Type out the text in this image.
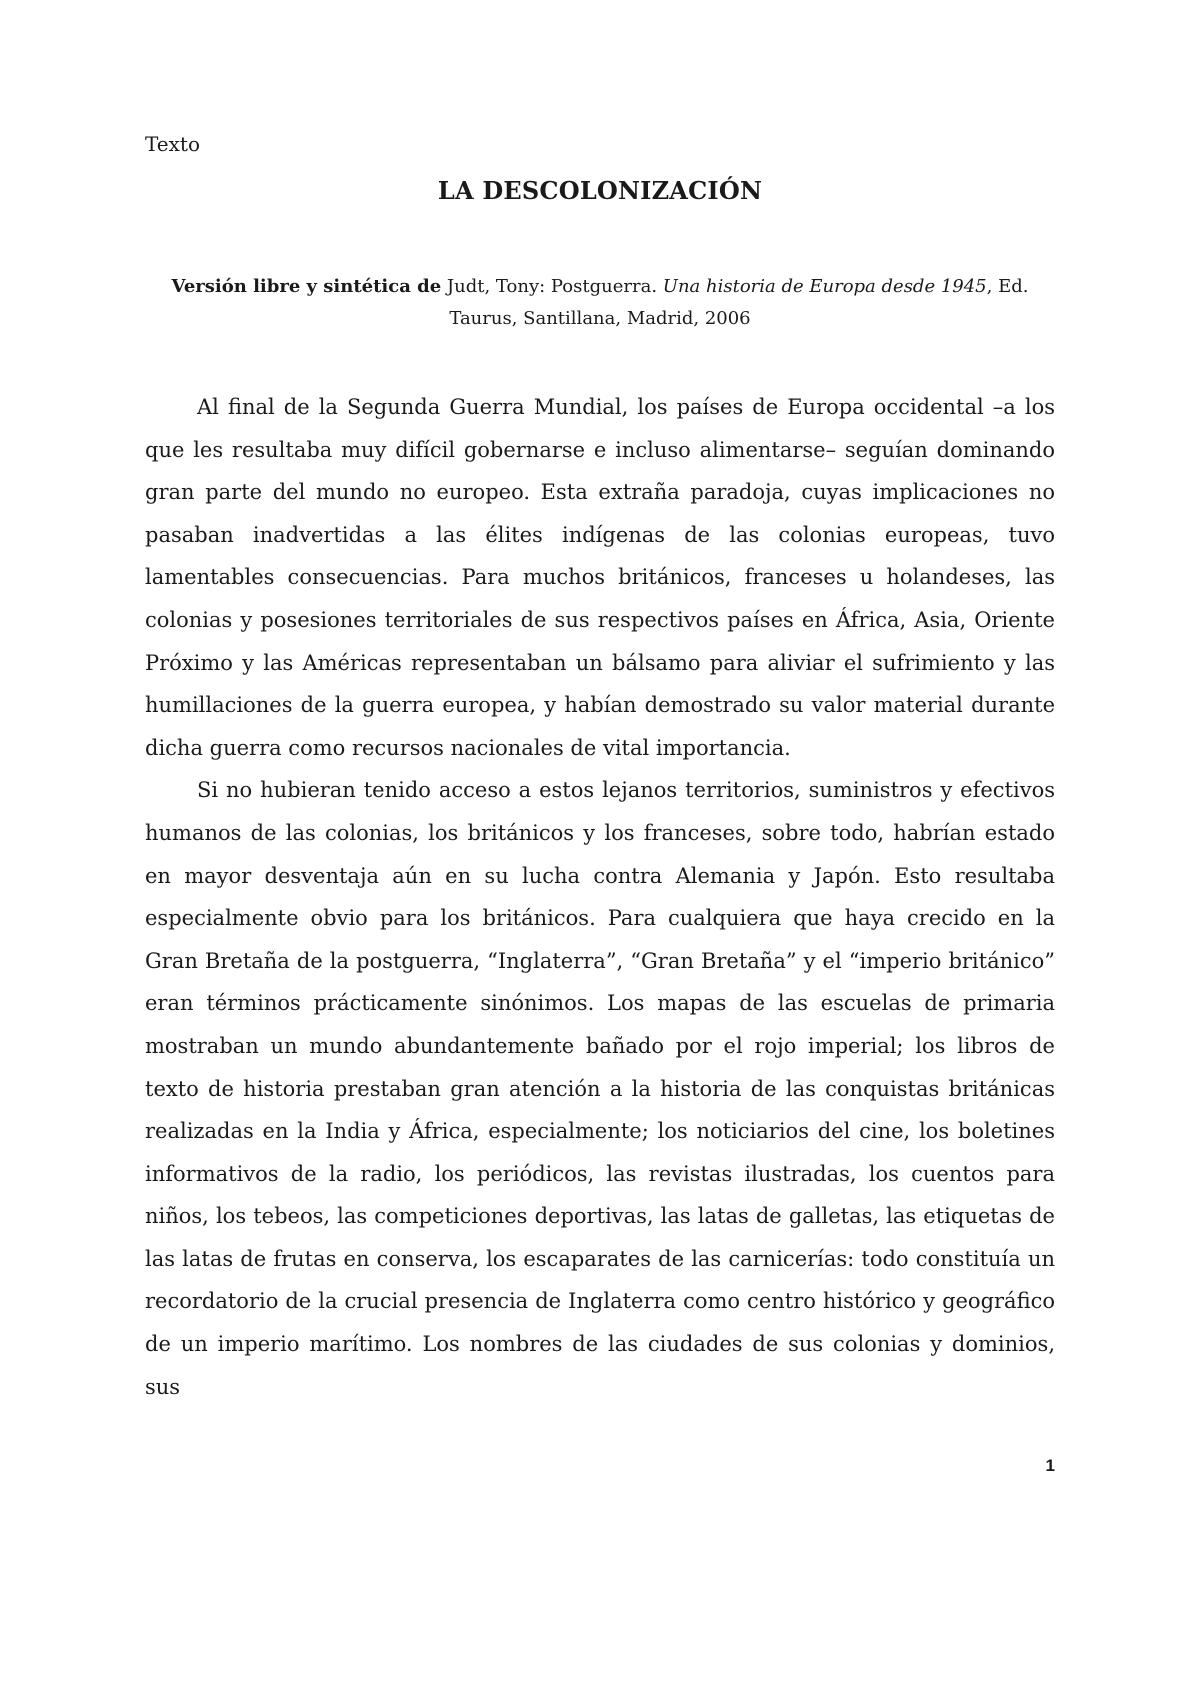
Texto
LA DESCOLONIZACIÓN
Versión libre y sintética de Judt, Tony: Postguerra. Una historia de Europa desde 1945, Ed.
Taurus, Santillana, Madrid, 2006

Al final de la Segunda Guerra Mundial, los países de Europa occidental –a los que les resultaba muy difícil gobernarse e incluso alimentarse– seguían dominando gran parte del mundo no europeo. Esta extraña paradoja, cuyas implicaciones no pasaban inadvertidas a las élites indígenas de las colonias europeas, tuvo lamentables consecuencias. Para muchos británicos, franceses u holandeses, las colonias y posesiones territoriales de sus respectivos países en África, Asia, Oriente Próximo y las Américas representaban un bálsamo para aliviar el sufrimiento y las humillaciones de la guerra europea, y habían demostrado su valor material durante dicha guerra como recursos nacionales de vital importancia.

Si no hubieran tenido acceso a estos lejanos territorios, suministros y efectivos humanos de las colonias, los británicos y los franceses, sobre todo, habrían estado en mayor desventaja aún en su lucha contra Alemania y Japón. Esto resultaba especialmente obvio para los británicos. Para cualquiera que haya crecido en la Gran Bretaña de la postguerra, “Inglaterra”, “Gran Bretaña” y el “imperio británico” eran términos prácticamente sinónimos. Los mapas de las escuelas de primaria mostraban un mundo abundantemente bañado por el rojo imperial; los libros de texto de historia prestaban gran atención a la historia de las conquistas británicas realizadas en la India y África, especialmente; los noticiarios del cine, los boletines informativos de la radio, los periódicos, las revistas ilustradas, los cuentos para niños, los tebeos, las competiciones deportivas, las latas de galletas, las etiquetas de las latas de frutas en conserva, los escaparates de las carnicerías: todo constituía un recordatorio de la crucial presencia de Inglaterra como centro histórico y geográfico de un imperio marítimo. Los nombres de las ciudades de sus colonias y dominios, sus

1
